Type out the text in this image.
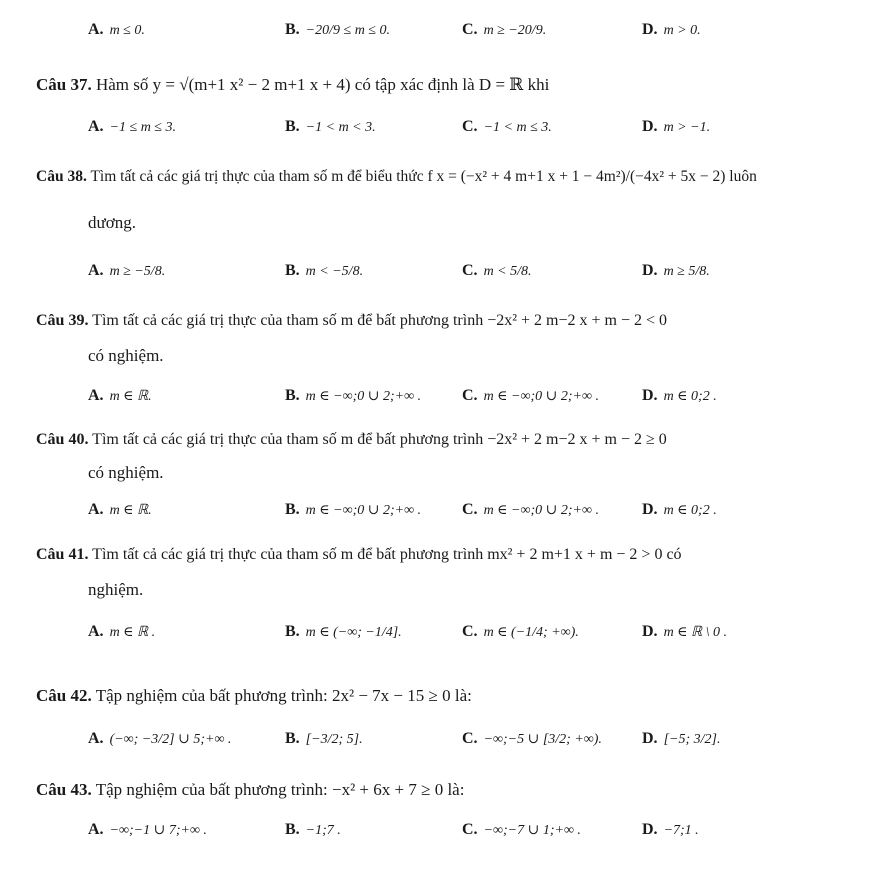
A. m ≤ 0.	B. −20/9 ≤ m ≤ 0.	C. m ≥ −20/9.	D. m > 0.
Câu 37. Hàm số y = √(m+1 x² − 2 m+1 x + 4) có tập xác định là D = ℝ khi
A. −1 ≤ m ≤ 3.	B. −1 < m < 3.	C. −1 < m ≤ 3.	D. m > −1.
Câu 38. Tìm tất cả các giá trị thực của tham số m để biểu thức f x = (−x² + 4 m+1 x + 1 − 4m²)/(−4x² + 5x − 2) luôn
dương.
A. m ≥ −5/8.	B. m < −5/8.	C. m < 5/8.	D. m ≥ 5/8.
Câu 39. Tìm tất cả các giá trị thực của tham số m để bất phương trình −2x² + 2 m−2 x + m − 2 < 0
có nghiệm.
A. m ∈ ℝ.	B. m ∈ −∞;0 ∪ 2;+∞ .	C. m ∈ −∞;0 ∪ 2;+∞ .	D. m ∈ 0;2 .
Câu 40. Tìm tất cả các giá trị thực của tham số m để bất phương trình −2x² + 2 m−2 x + m − 2 ≥ 0
có nghiệm.
A. m ∈ ℝ.	B. m ∈ −∞;0 ∪ 2;+∞ .	C. m ∈ −∞;0 ∪ 2;+∞ .	D. m ∈ 0;2 .
Câu 41. Tìm tất cả các giá trị thực của tham số m để bất phương trình mx² + 2 m+1 x + m − 2 > 0 có
nghiệm.
A. m ∈ ℝ .	B. m ∈ (−∞; −1/4].	C. m ∈ (−1/4; +∞).	D. m ∈ ℝ \ 0 .
Câu 42. Tập nghiệm của bất phương trình: 2x² − 7x − 15 ≥ 0 là:
A. (−∞; −3/2] ∪ 5;+∞ .	B. [−3/2; 5].	C. −∞;−5 ∪ [3/2; +∞).	D. [−5; 3/2].
Câu 43. Tập nghiệm của bất phương trình: −x² + 6x + 7 ≥ 0 là:
A. −∞;−1 ∪ 7;+∞ .	B. −1;7 .	C. −∞;−7 ∪ 1;+∞ .	D. −7;1 .
